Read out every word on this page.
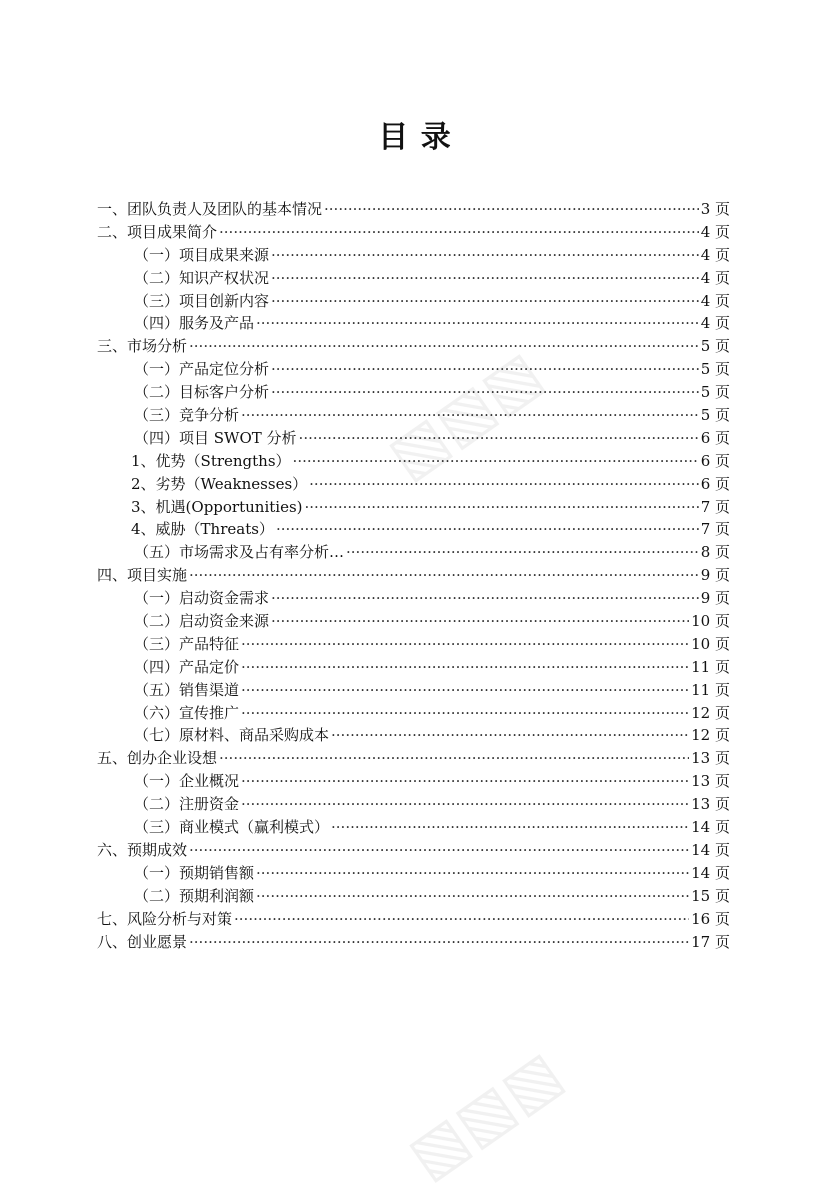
▧▧▧
▧▧▧
目 录
一、团队负责人及团队的基本情况 ·····	3 页
二、项目成果简介 ·····	4 页
（一）项目成果来源 ·····	4 页
（二）知识产权状况 ·····	4 页
（三）项目创新内容 ·····	4 页
（四）服务及产品 ·····	4 页
三、市场分析 ·····	5 页
（一）产品定位分析 ·····	5 页
（二）目标客户分析 ·····	5 页
（三）竞争分析 ·····	5 页
（四）项目 SWOT 分析 ·····	6 页
1、优势（Strengths） ·····	6 页
2、劣势（Weaknesses） ·····	6 页
3、机遇(Opportunities) ·····	7 页
4、威胁（Threats） ·····	7 页
（五）市场需求及占有率分析… ·····	8 页
四、项目实施 ·····	9 页
（一）启动资金需求 ·····	9 页
（二）启动资金来源 ·····	10 页
（三）产品特征 ·····	10 页
（四）产品定价 ·····	11 页
（五）销售渠道 ·····	11 页
（六）宣传推广 ·····	12 页
（七）原材料、商品采购成本 ·····	12 页
五、创办企业设想 ·····	13 页
（一）企业概况 ·····	13 页
（二）注册资金 ·····	13 页
（三）商业模式（赢利模式） ·····	14 页
六、预期成效 ·····	14 页
（一）预期销售额 ·····	14 页
（二）预期利润额 ·····	15 页
七、风险分析与对策 ·····	16 页
八、创业愿景 ·····	17 页
